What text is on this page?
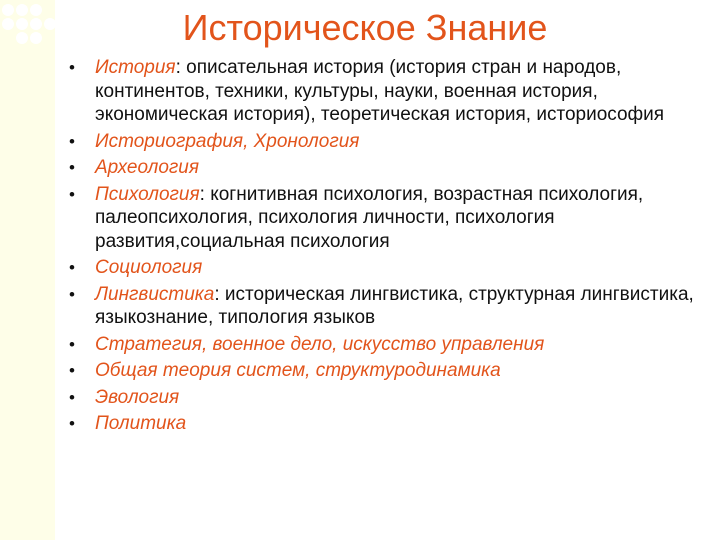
Историческое Знание
• История: описательная история (история стран и народов, континентов, техники, культуры, науки, военная история, экономическая история), теоретическая история, историософия
• Историография, Хронология
• Археология
• Психология: когнитивная психология, возрастная психология, палеопсихология, психология личности, психология развития,социальная психология
• Социология
• Лингвистика: историческая лингвистика, структурная лингвистика, языкознание, типология языков
• Стратегия, военное дело, искусство управления
• Общая теория систем, структуродинамика
• Эвология
• Политика
